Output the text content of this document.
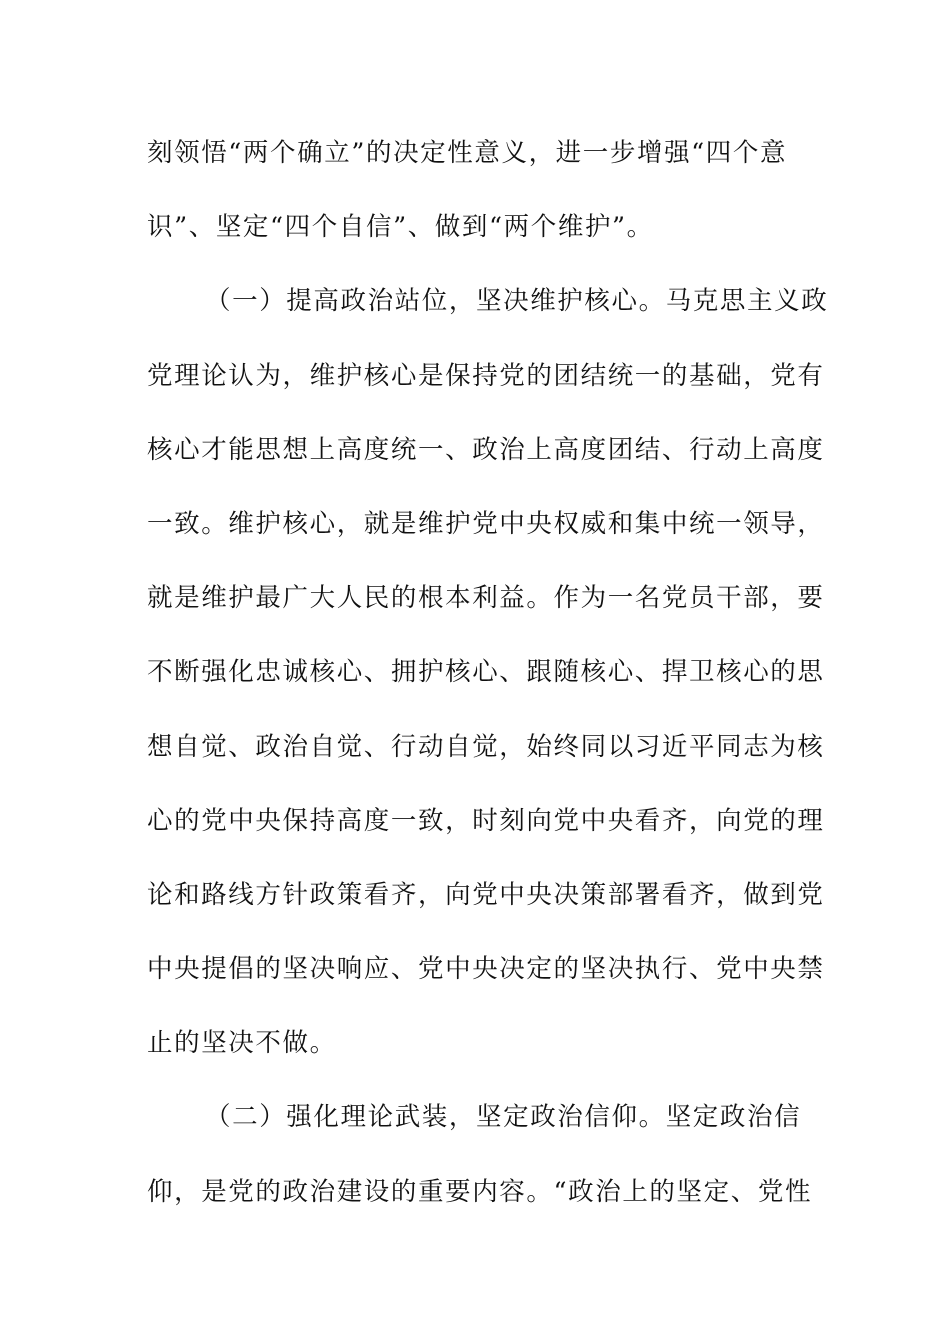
刻领悟“两个确立”的决定性意义，进一步增强“四个意
识”、坚定“四个自信”、做到“两个维护”。
（一）提高政治站位，坚决维护核心。马克思主义政
党理论认为，维护核心是保持党的团结统一的基础，党有
核心才能思想上高度统一、政治上高度团结、行动上高度
一致。维护核心，就是维护党中央权威和集中统一领导，
就是维护最广大人民的根本利益。作为一名党员干部，要
不断强化忠诚核心、拥护核心、跟随核心、捍卫核心的思
想自觉、政治自觉、行动自觉，始终同以习近平同志为核
心的党中央保持高度一致，时刻向党中央看齐，向党的理
论和路线方针政策看齐，向党中央决策部署看齐，做到党
中央提倡的坚决响应、党中央决定的坚决执行、党中央禁
止的坚决不做。
（二）强化理论武装，坚定政治信仰。坚定政治信
仰，是党的政治建设的重要内容。“政治上的坚定、党性
